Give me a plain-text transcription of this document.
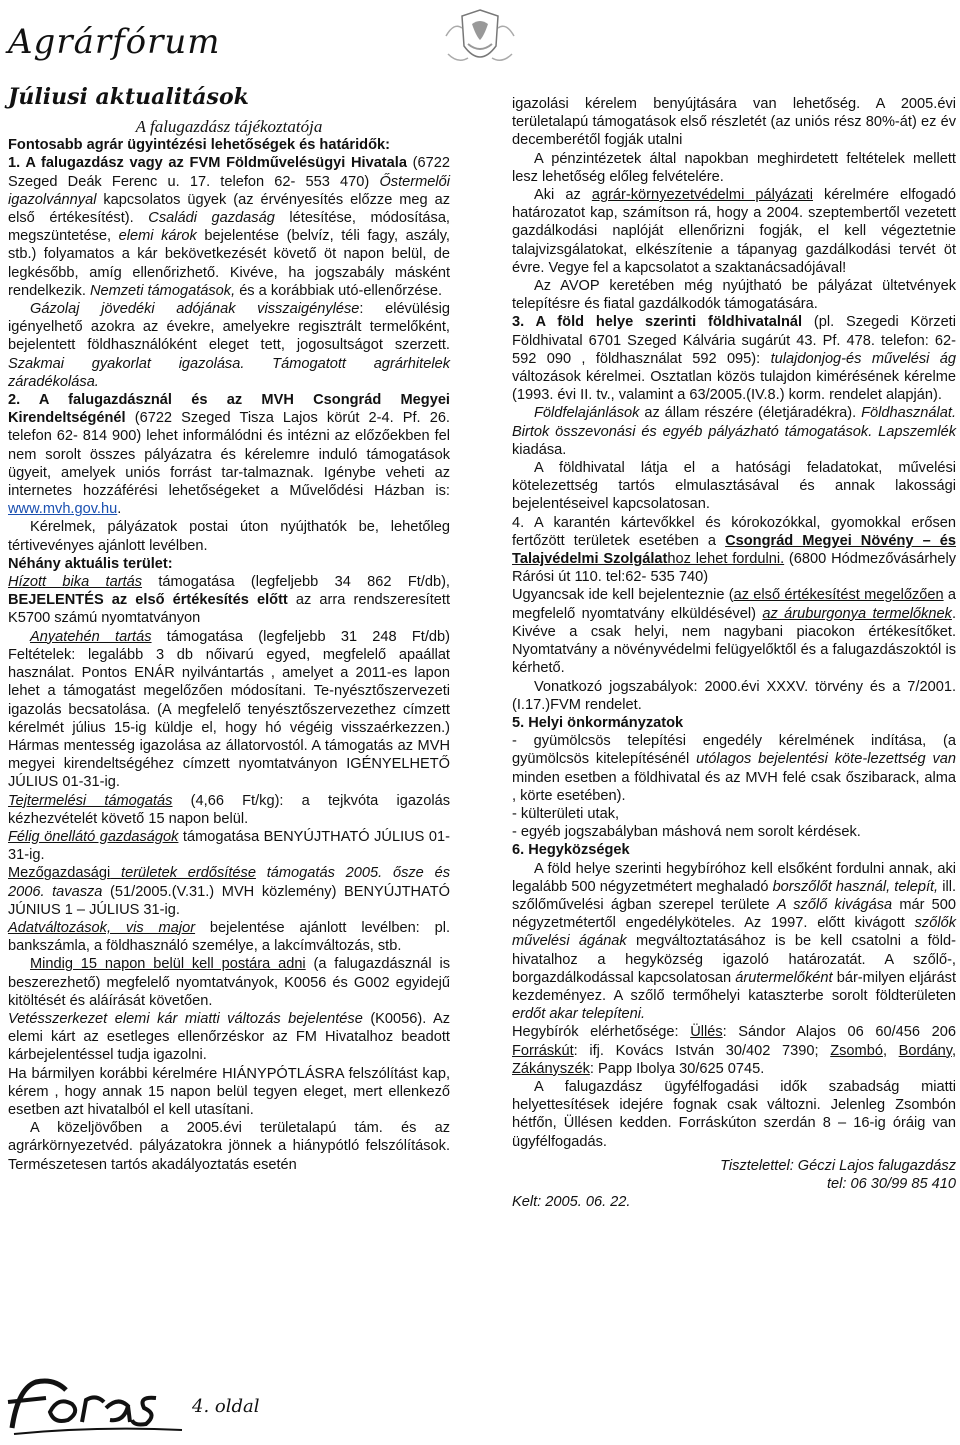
Agrárfórum
Júliusi aktualitások

A falugazdász tájékoztatója

Fontosabb agrár ügyintézési lehetőségek és határidők:

1. A falugazdász vagy az FVM Földművelésügyi Hivatala (6722 Szeged Deák Ferenc u. 17. telefon 62- 553 470) Őstermelői igazolvánnyal kapcsolatos ügyek (az érvényesítés előzze meg az első értékesítést). Családi gazdaság létesítése, módosítása, megszüntetése, elemi károk bejelentése (belvíz, téli fagy, aszály, stb.) folyamatos a kár bekövetkezését követő öt napon belül, de legkésőbb, amíg ellenőrizhető. Kivéve, ha jogszabály másként rendelkezik. Nemzeti támogatások, és a korábbiak utó-ellenőrzése.

Gázolaj jövedéki adójának visszaigénylése: elévülésig igényelhető azokra az évekre, amelyekre regisztrált termelőként, bejelentett földhasználóként eleget tett, jogosultságot szerzett. Szakmai gyakorlat igazolása. Támogatott agrárhitelek záradékolása.

2. A falugazdásznál és az MVH Csongrád Megyei Kirendeltségénél (6722 Szeged Tisza Lajos körút 2-4. Pf. 26. telefon 62- 814 900) lehet informálódni és intézni az előzőekben fel nem sorolt összes pályázatra és kérelemre induló támogatások ügyeit, amelyek uniós forrást tar-talmaznak. Igénybe veheti az internetes hozzáférési lehetőségeket a Művelődési Házban is: www.mvh.gov.hu.

Kérelmek, pályázatok postai úton nyújthatók be, lehetőleg tértivevényes ajánlott levélben.

Néhány aktuális terület:

Hízott bika tartás támogatása (legfeljebb 34 862 Ft/db), BEJELENTÉS az első értékesítés előtt az arra rendszeresített K5700 számú nyomtatványon

Anyatehén tartás támogatása (legfeljebb 31 248 Ft/db) Feltételek: legalább 3 db nőivarú egyed, megfelelő apaállat használat. Pontos ENÁR nyilvántartás , amelyet a 2011-es lapon lehet a támogatást megelőzően módosítani. Te-nyésztőszervezeti igazolás becsatolása. (A megfelelő tenyésztőszervezethez címzett kérelmét július 15-ig küldje el, hogy hó végéig visszaérkezzen.) Hármas mentesség igazolása az állatorvostól. A támogatás az MVH megyei kirendeltségéhez címzett nyomtatványon IGÉNYELHETŐ JÚLIUS 01-31-ig.

Tejtermelési támogatás (4,66 Ft/kg): a tejkvóta igazolás kézhezvételét követő 15 napon belül.

Félig önellátó gazdaságok támogatása BENYÚJTHATÓ JÚLIUS 01-31-ig.

Mezőgazdasági területek erdősítése támogatás 2005. ősze és 2006. tavasza (51/2005.(V.31.) MVH közlemény) BENYÚJTHATÓ JÚNIUS 1 – JÚLIUS 31-ig.

Adatváltozások, vis major bejelentése ajánlott levélben: pl. bankszámla, a földhasználó személye, a lakcímváltozás, stb.

Mindig 15 napon belül kell postára adni (a falugazdásznál is beszerezhető) megfelelő nyomtatványok, K0056 és G002 egyidejű kitöltését és aláírását követően.

Vetésszerkezet elemi kár miatti változás bejelentése (K0056). Az elemi kárt az esetleges ellenőrzéskor az FM Hivatalhoz beadott kárbejelentéssel tudja igazolni.

Ha bármilyen korábbi kérelmére HIÁNYPÓTLÁSRA felszólítást kap, kérem , hogy annak 15 napon belül tegyen eleget, mert ellenkező esetben azt hivatalból el kell utasítani.

A közeljövőben a 2005.évi területalapú tám. és az agrárkörnyezetvéd. pályázatokra jönnek a hiánypótló felszólítások. Természetesen tartós akadályoztatás esetén

igazolási kérelem benyújtására van lehetőség. A 2005.évi területalapú támogatások első részletét (az uniós rész 80%-át) ez év decemberétől fogják utalni

A pénzintézetek által napokban meghirdetett feltételek mellett lesz lehetőség előleg felvételére.

Aki az agrár-környezetvédelmi pályázati kérelmére elfogadó határozatot kap, számítson rá, hogy a 2004. szeptembertől vezetett gazdálkodási naplóját ellenőrizni fogják, el kell végeztetnie talajvizsgálatokat, elkészítenie a tápanyag gazdálkodási tervét öt évre. Vegye fel a kapcsolatot a szaktanácsadójával!

Az AVOP keretében még nyújtható be pályázat ültetvények telepítésre és fiatal gazdálkodók támogatására.

3. A föld helye szerinti földhivatalnál (pl. Szegedi Körzeti Földhivatal 6701 Szeged Kálvária sugárút 43. Pf. 478. telefon: 62-592 090 , földhasználat 592 095): tulajdonjog-és művelési ág változások kérelmei. Osztatlan közös tulajdon kimérésének kérelme (1993. évi II. tv., valamint a 63/2005.(IV.8.) korm. rendelet alapján).

Földfelajánlások az állam részére (életjáradékra). Földhasználat. Birtok összevonási és egyéb pályázható támogatások. Lapszemlék kiadása.

A földhivatal látja el a hatósági feladatokat, művelési kötelezettség tartós elmulasztásával és annak lakossági bejelentéseivel kapcsolatosan.

4. A karantén kártevőkkel és kórokozókkal, gyomokkal erősen fertőzött területek esetében a Csongrád Megyei Növény – és Talajvédelmi Szolgálathoz lehet fordulni. (6800 Hódmezővásárhely Rárósi út 110. tel:62- 535 740)

Ugyancsak ide kell bejelenteznie (az első értékesítést megelőzően a megfelelő nyomtatvány elküldésével) az áruburgonya termelőknek. Kivéve a csak helyi, nem nagybani piacokon értékesítőket. Nyomtatvány a növényvédelmi felügyelőktől és a falugazdászoktól is kérhető.

Vonatkozó jogszabályok: 2000.évi XXXV. törvény és a 7/2001.(I.17.)FVM rendelet.

5. Helyi önkormányzatok

- gyümölcsös telepítési engedély kérelmének indítása, (a gyümölcsös kitelepítésénél utólagos bejelentési köte-lezettség van minden esetben a földhivatal és az MVH felé csak őszibarack, alma , körte esetében).

- külterületi utak,

- egyéb jogszabályban máshová nem sorolt kérdések.

6. Hegyközségek

A föld helye szerinti hegybíróhoz kell elsőként fordulni annak, aki legalább 500 négyzetmétert meghaladó borszőlőt használ, telepít, ill. szőlőművelési ágban szerepel területe A szőlő kivágása már 500 négyzetmétertől engedélyköteles. Az 1997. előtt kivágott szőlők művelési ágának megváltoztatásához is be kell csatolni a föld-hivatalhoz a hegyközség igazoló határozatát. A szőlő-, borgazdálkodással kapcsolatosan árutermelőként bár-milyen eljárást kezdeményez. A szőlő termőhelyi kataszterbe sorolt földterületen erdőt akar telepíteni.

Hegybírók elérhetősége: Üllés: Sándor Alajos 06 60/456 206 Forráskút: ifj. Kovács István 30/402 7390; Zsombó, Bordány, Zákányszék: Papp Ibolya 30/625 0745.

A falugazdász ügyfélfogadási idők szabadság miatti helyettesítések idejére fognak csak változni. Jelenleg Zsombón hétfőn, Üllésen kedden. Forráskúton szerdán 8 – 16-ig óráig van ügyfélfogadás.

Tisztelettel: Géczi Lajos falugazdász

tel: 06 30/99 85 410

Kelt: 2005. 06. 22.

4. oldal
